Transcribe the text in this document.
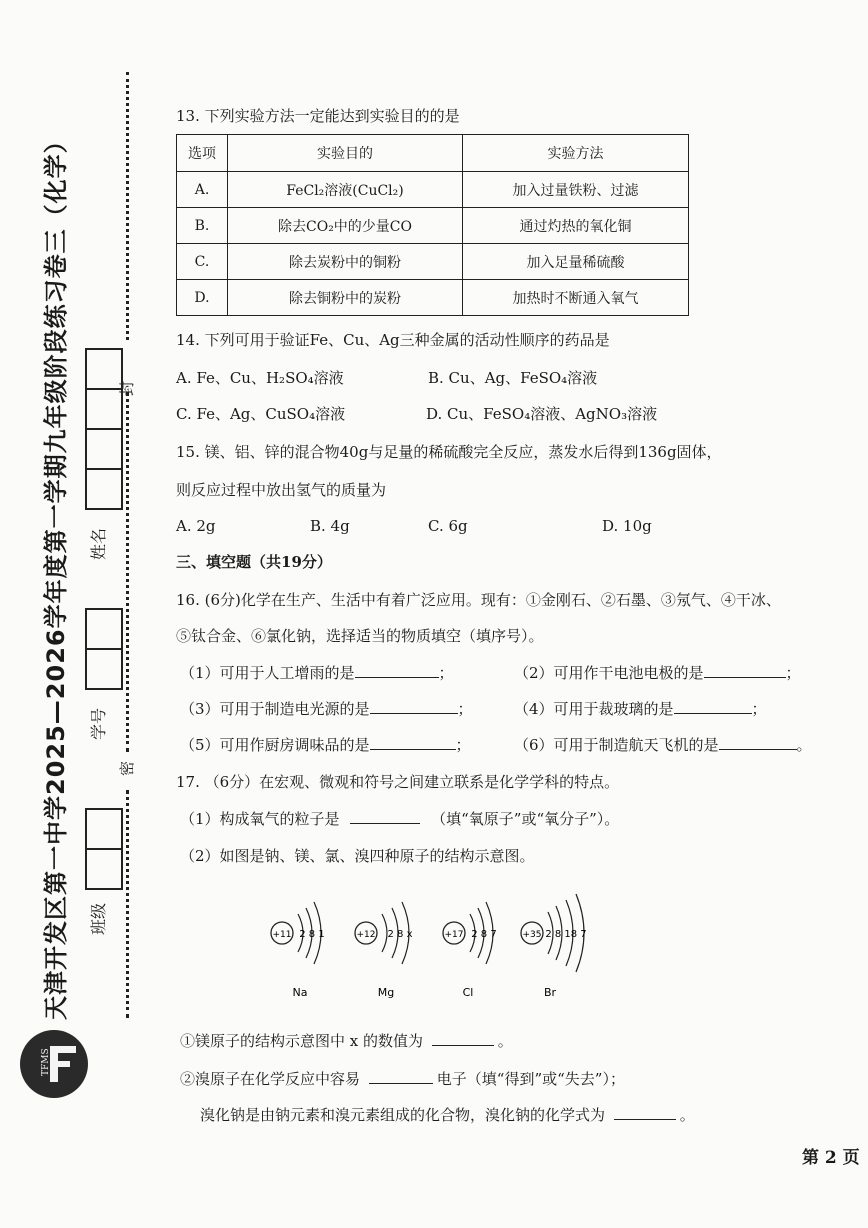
天津开发区第一中学2025—2026学年度第一学期九年级阶段练习卷三（化学）	封
密
姓名
学号
班级
TFMS
13. 下列实验方法一定能达到实验目的的是
选项	实验目的	实验方法
A.	FeCl₂溶液(CuCl₂)	加入过量铁粉、过滤
B.	除去CO₂中的少量CO	通过灼热的氧化铜
C.	除去炭粉中的铜粉	加入足量稀硫酸
D.	除去铜粉中的炭粉	加热时不断通入氧气
14. 下列可用于验证Fe、Cu、Ag三种金属的活动性顺序的药品是
A. Fe、Cu、H₂SO₄溶液	B. Cu、Ag、FeSO₄溶液
C. Fe、Ag、CuSO₄溶液	D. Cu、FeSO₄溶液、AgNO₃溶液
15. 镁、铝、锌的混合物40g与足量的稀硫酸完全反应，蒸发水后得到136g固体，
则反应过程中放出氢气的质量为
A. 2g	B. 4g	C. 6g	D. 10g
三、填空题（共19分）
16. (6分)化学在生产、生活中有着广泛应用。现有：①金刚石、②石墨、③氖气、④干冰、
⑤钛合金、⑥氯化钠，选择适当的物质填空（填序号）。
（1）可用于人工增雨的是	；	（2）可用作干电池电极的是	；
（3）可用于制造电光源的是	；	（4）可用于裁玻璃的是	；
（5）可用作厨房调味品的是	；	（6）可用于制造航天飞机的是	。
17. （6分）在宏观、微观和符号之间建立联系是化学学科的特点。
（1）构成氧气的粒子是	（填“氧原子”或“氧分子”）。
（2）如图是钠、镁、氯、溴四种原子的结构示意图。
+11 2 8 1
Na
+12 2 8 x
Mg
+17 2 8 7
Cl
+35 2 8 18 7
Br
①镁原子的结构示意图中 x 的数值为	。
②溴原子在化学反应中容易	电子（填“得到”或“失去”）；
溴化钠是由钠元素和溴元素组成的化合物，溴化钠的化学式为	。
第 2 页
